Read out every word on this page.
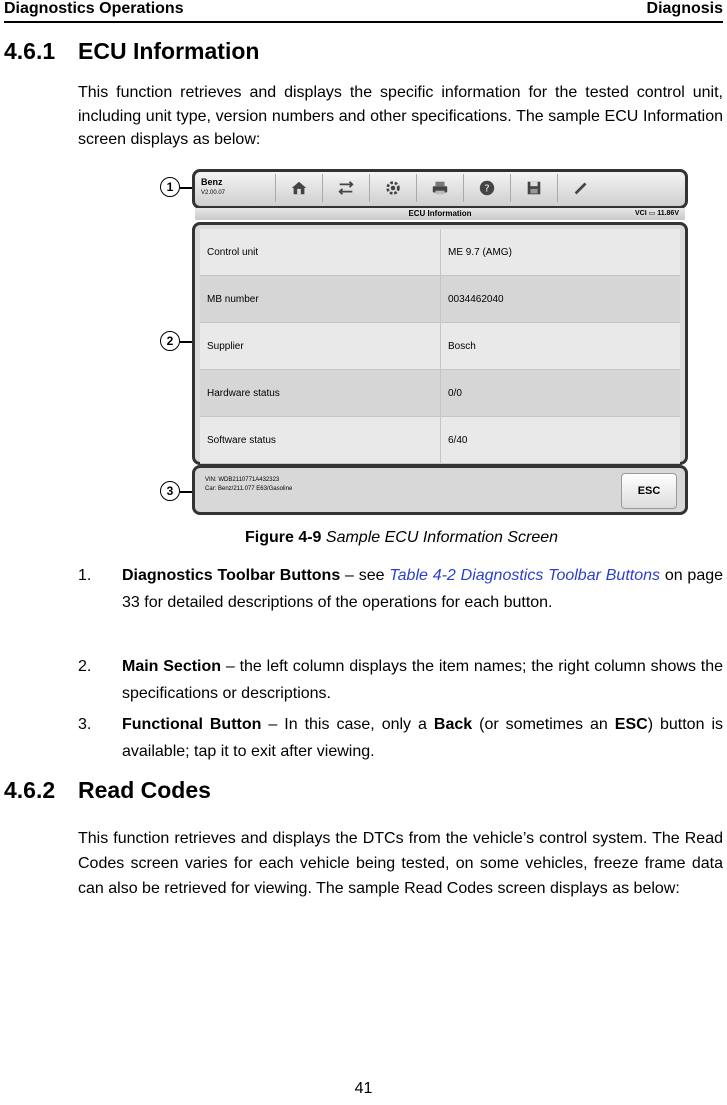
Diagnostics Operations	Diagnosis
4.6.1 ECU Information
This function retrieves and displays the specific information for the tested control unit, including unit type, version numbers and other specifications. The sample ECU Information screen displays as below:
1
2
3
Benz
V2.00.07	?
ECU Information	VCI ▭ 11.86V
Control unit	ME 9.7 (AMG)
MB number	0034462040
Supplier	Bosch
Hardware status	0/0
Software status	6/40
VIN: WDB2110771A432323
Car: Benz/211.077 E63/Gasoline	ESC
Figure 4-9 Sample ECU Information Screen
1. Diagnostics Toolbar Buttons – see Table 4-2 Diagnostics Toolbar Buttons on page 33 for detailed descriptions of the operations for each button.
2. Main Section – the left column displays the item names; the right column shows the specifications or descriptions.
3. Functional Button – In this case, only a Back (or sometimes an ESC) button is available; tap it to exit after viewing.
4.6.2 Read Codes
This function retrieves and displays the DTCs from the vehicle’s control system. The Read Codes screen varies for each vehicle being tested, on some vehicles, freeze frame data can also be retrieved for viewing. The sample Read Codes screen displays as below:
41
